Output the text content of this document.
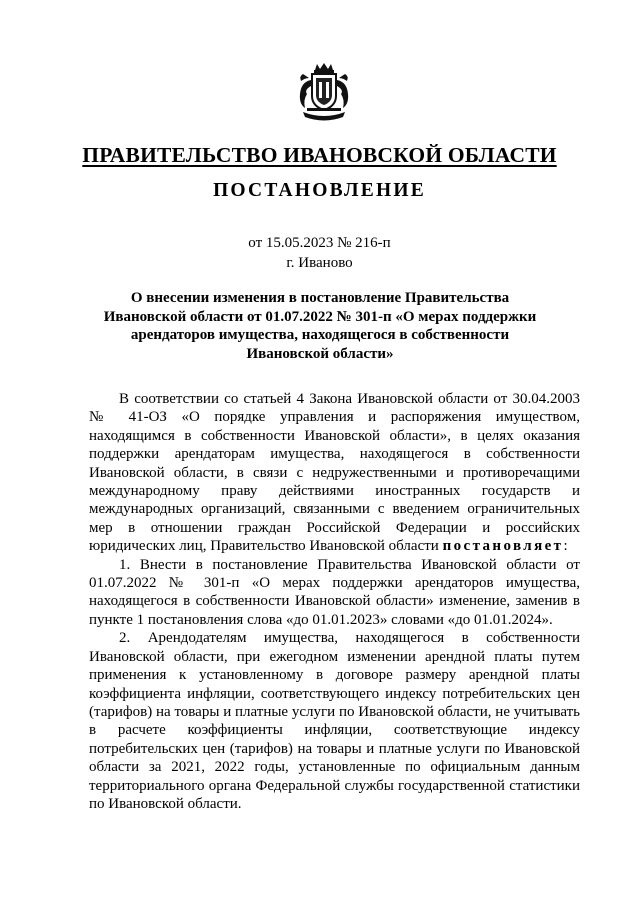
ПРАВИТЕЛЬСТВО ИВАНОВСКОЙ ОБЛАСТИ
ПОСТАНОВЛЕНИЕ
от 15.05.2023 № 216-п
г. Иваново
О внесении изменения в постановление Правительства Ивановской области от 01.07.2022 № 301-п «О мерах поддержки арендаторов имущества, находящегося в собственности Ивановской области»

В соответствии со статьей 4 Закона Ивановской области от 30.04.2003 № 41-ОЗ «О порядке управления и распоряжения имуществом, находящимся в собственности Ивановской области», в целях оказания поддержки арендаторам имущества, находящегося в собственности Ивановской области, в связи с недружественными и противоречащими международному праву действиями иностранных государств и международных организаций, связанными с введением ограничительных мер в отношении граждан Российской Федерации и российских юридических лиц, Правительство Ивановской области постановляет:

1. Внести в постановление Правительства Ивановской области от 01.07.2022 № 301-п «О мерах поддержки арендаторов имущества, находящегося в собственности Ивановской области» изменение, заменив в пункте 1 постановления слова «до 01.01.2023» словами «до 01.01.2024».

2. Арендодателям имущества, находящегося в собственности Ивановской области, при ежегодном изменении арендной платы путем применения к установленному в договоре размеру арендной платы коэффициента инфляции, соответствующего индексу потребительских цен (тарифов) на товары и платные услуги по Ивановской области, не учитывать в расчете коэффициенты инфляции, соответствующие индексу потребительских цен (тарифов) на товары и платные услуги по Ивановской области за 2021, 2022 годы, установленные по официальным данным территориального органа Федеральной службы государственной статистики по Ивановской области.
